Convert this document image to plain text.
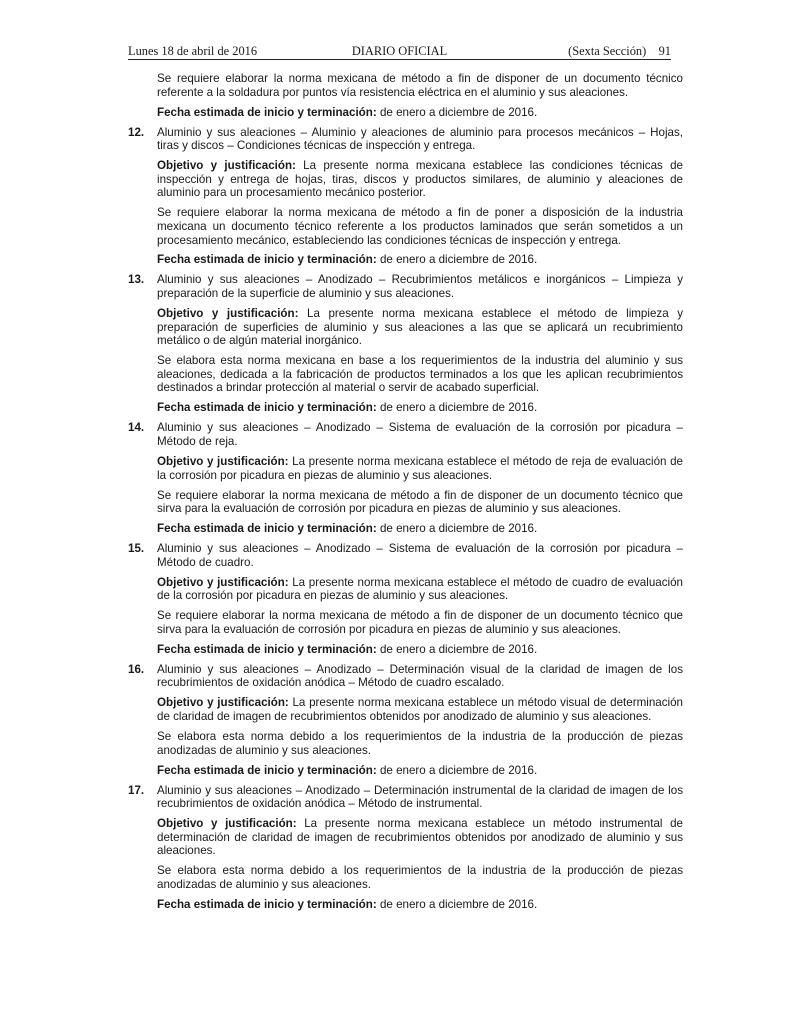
Lunes 18 de abril de 2016	DIARIO OFICIAL	(Sexta Sección) 91

Se requiere elaborar la norma mexicana de método a fin de disponer de un documento técnico referente a la soldadura por puntos vía resistencia eléctrica en el aluminio y sus aleaciones.

Fecha estimada de inicio y terminación: de enero a diciembre de 2016.

12. Aluminio y sus aleaciones – Aluminio y aleaciones de aluminio para procesos mecánicos – Hojas, tiras y discos – Condiciones técnicas de inspección y entrega.

Objetivo y justificación: La presente norma mexicana establece las condiciones técnicas de inspección y entrega de hojas, tiras, discos y productos similares, de aluminio y aleaciones de aluminio para un procesamiento mecánico posterior.

Se requiere elaborar la norma mexicana de método a fin de poner a disposición de la industria mexicana un documento técnico referente a los productos laminados que serán sometidos a un procesamiento mecánico, estableciendo las condiciones técnicas de inspección y entrega.

Fecha estimada de inicio y terminación: de enero a diciembre de 2016.

13. Aluminio y sus aleaciones – Anodizado – Recubrimientos metálicos e inorgánicos – Limpieza y preparación de la superficie de aluminio y sus aleaciones.

Objetivo y justificación: La presente norma mexicana establece el método de limpieza y preparación de superficies de aluminio y sus aleaciones a las que se aplicará un recubrimiento metálico o de algún material inorgánico.

Se elabora esta norma mexicana en base a los requerimientos de la industria del aluminio y sus aleaciones, dedicada a la fabricación de productos terminados a los que les aplican recubrimientos destinados a brindar protección al material o servir de acabado superficial.

Fecha estimada de inicio y terminación: de enero a diciembre de 2016.

14. Aluminio y sus aleaciones – Anodizado – Sistema de evaluación de la corrosión por picadura – Método de reja.

Objetivo y justificación: La presente norma mexicana establece el método de reja de evaluación de la corrosión por picadura en piezas de aluminio y sus aleaciones.

Se requiere elaborar la norma mexicana de método a fin de disponer de un documento técnico que sirva para la evaluación de corrosión por picadura en piezas de aluminio y sus aleaciones.

Fecha estimada de inicio y terminación: de enero a diciembre de 2016.

15. Aluminio y sus aleaciones – Anodizado – Sistema de evaluación de la corrosión por picadura – Método de cuadro.

Objetivo y justificación: La presente norma mexicana establece el método de cuadro de evaluación de la corrosión por picadura en piezas de aluminio y sus aleaciones.

Se requiere elaborar la norma mexicana de método a fin de disponer de un documento técnico que sirva para la evaluación de corrosión por picadura en piezas de aluminio y sus aleaciones.

Fecha estimada de inicio y terminación: de enero a diciembre de 2016.

16. Aluminio y sus aleaciones – Anodizado – Determinación visual de la claridad de imagen de los recubrimientos de oxidación anódica – Método de cuadro escalado.

Objetivo y justificación: La presente norma mexicana establece un método visual de determinación de claridad de imagen de recubrimientos obtenidos por anodizado de aluminio y sus aleaciones.

Se elabora esta norma debido a los requerimientos de la industria de la producción de piezas anodizadas de aluminio y sus aleaciones.

Fecha estimada de inicio y terminación: de enero a diciembre de 2016.

17. Aluminio y sus aleaciones – Anodizado – Determinación instrumental de la claridad de imagen de los recubrimientos de oxidación anódica – Método de instrumental.

Objetivo y justificación: La presente norma mexicana establece un método instrumental de determinación de claridad de imagen de recubrimientos obtenidos por anodizado de aluminio y sus aleaciones.

Se elabora esta norma debido a los requerimientos de la industria de la producción de piezas anodizadas de aluminio y sus aleaciones.

Fecha estimada de inicio y terminación: de enero a diciembre de 2016.
